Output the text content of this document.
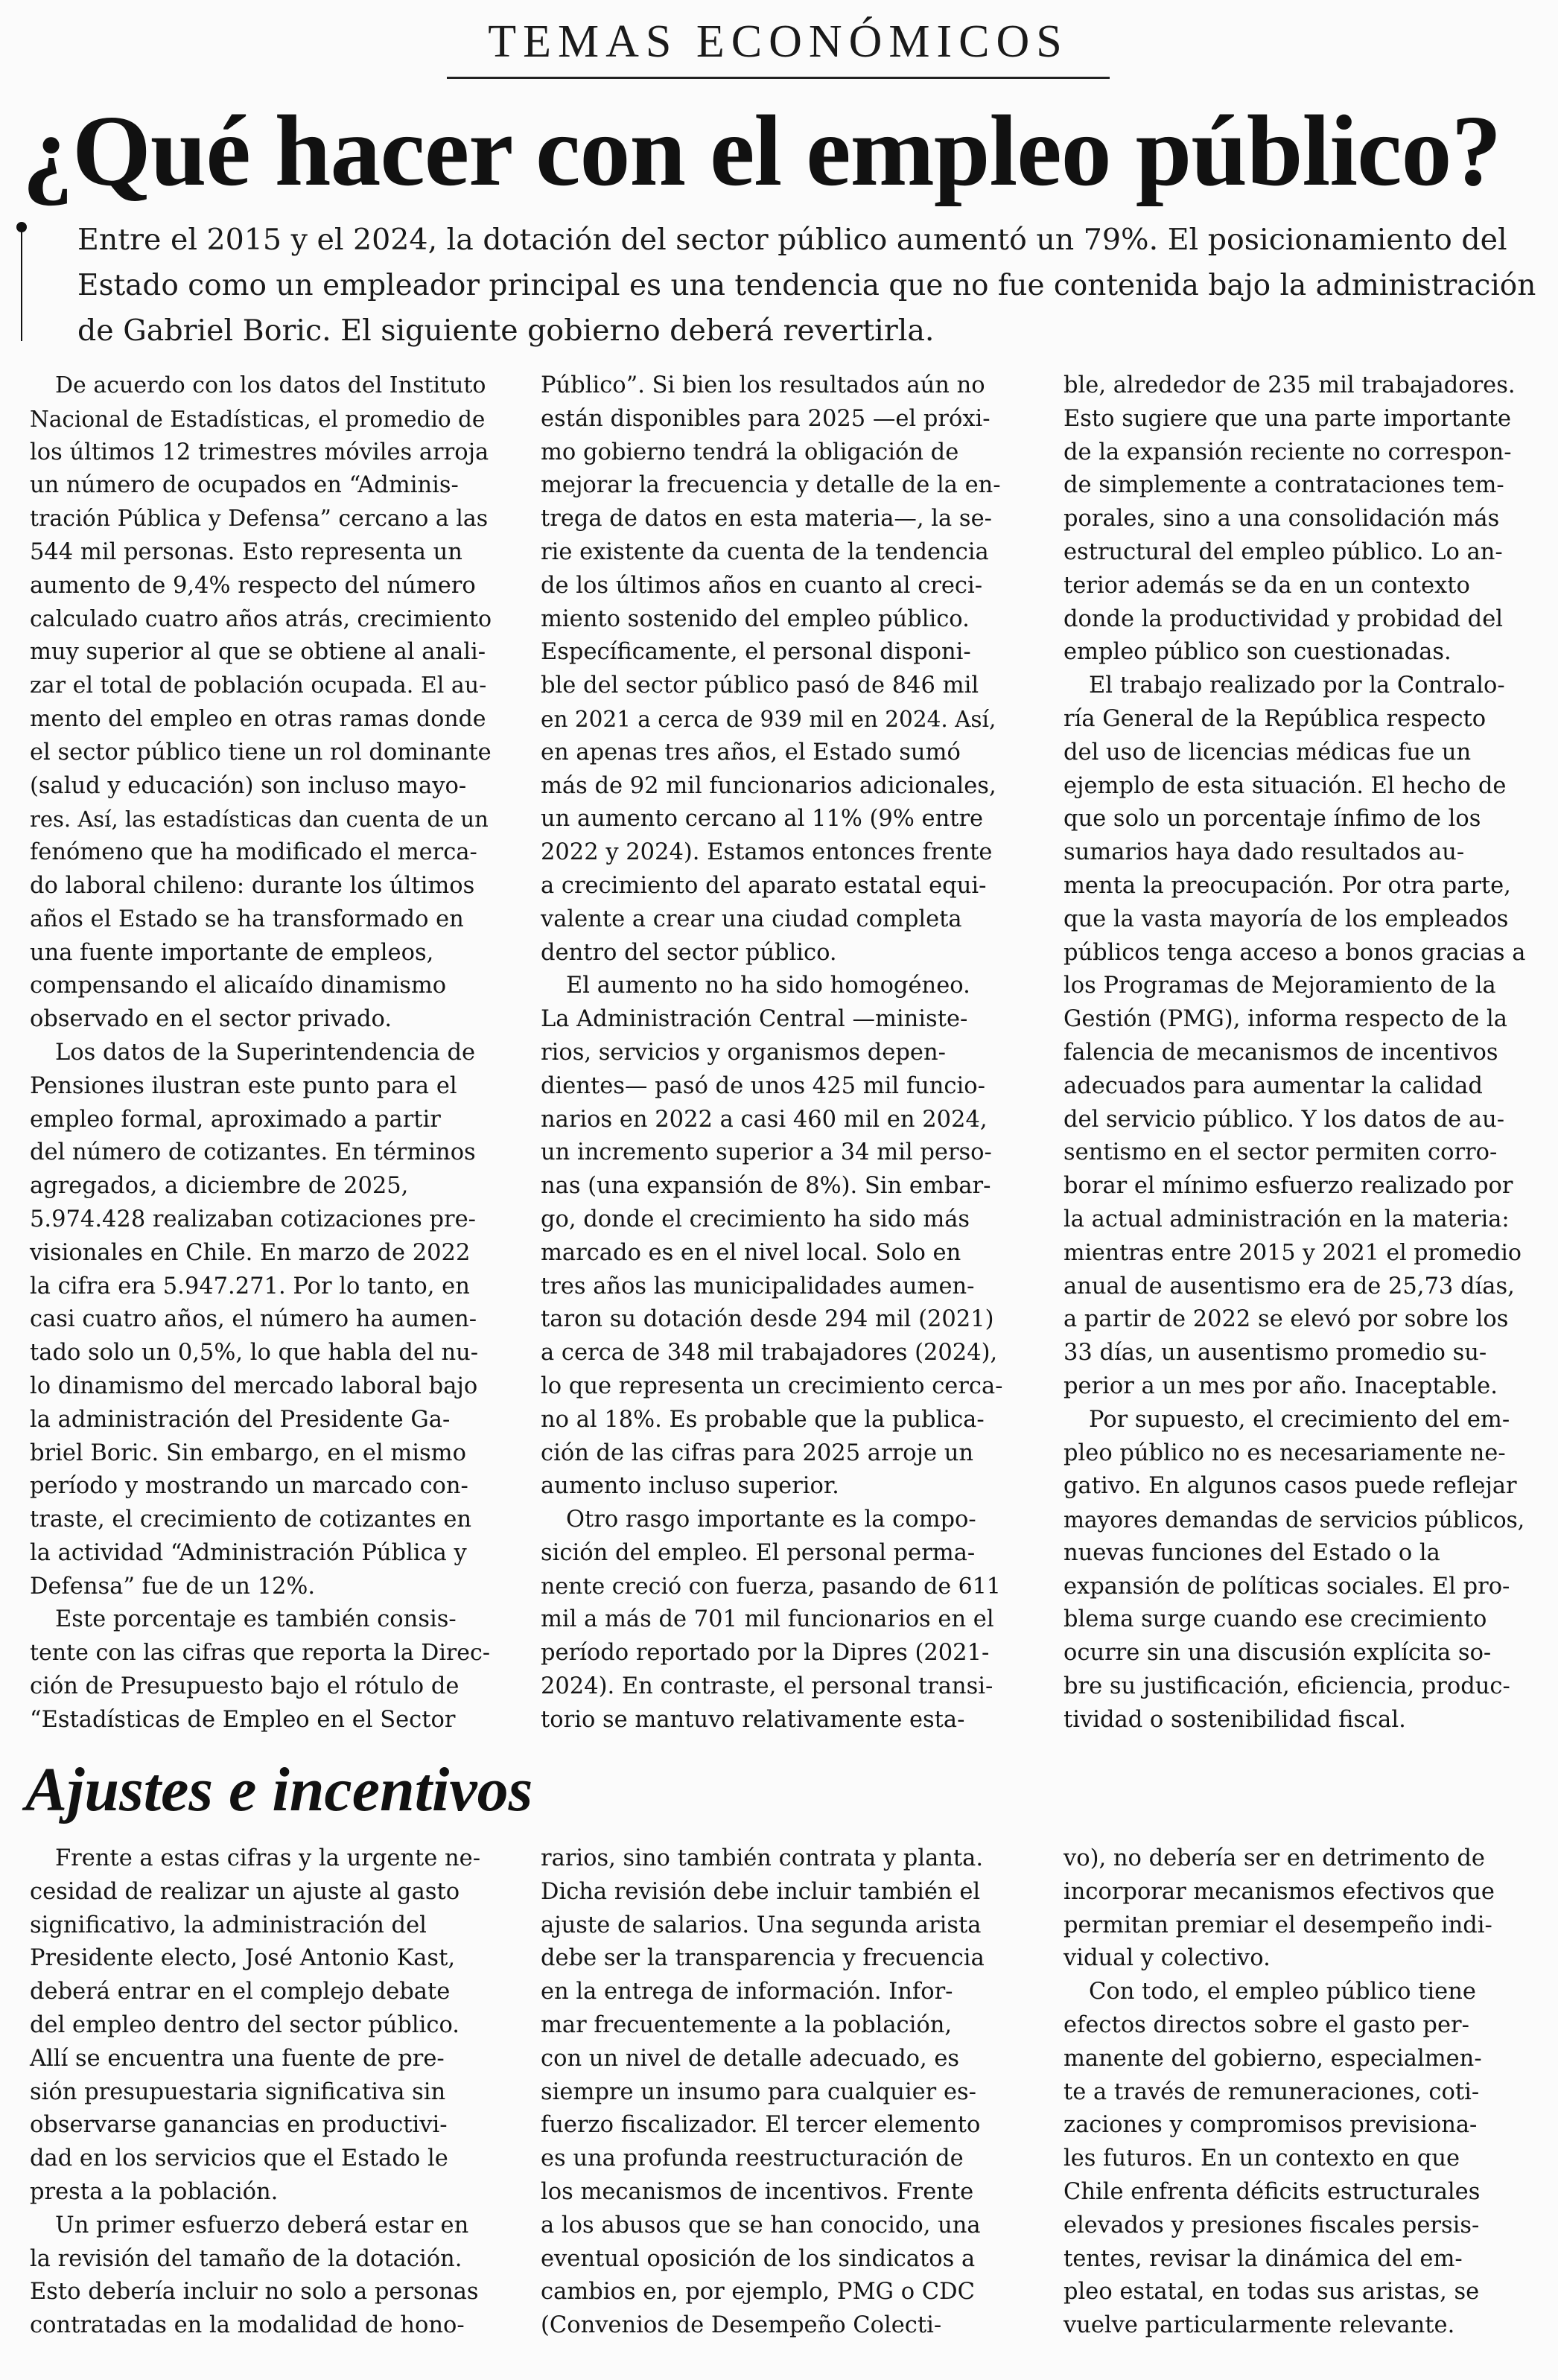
TEMAS ECONÓMICOS
¿Qué hacer con el empleo público?
Entre el 2015 y el 2024, la dotación del sector público aumentó un 79%. El posicionamiento del
Estado como un empleador principal es una tendencia que no fue contenida bajo la administración
de Gabriel Boric. El siguiente gobierno deberá revertirla.
De acuerdo con los datos del Instituto
Nacional de Estadísticas, el promedio de
los últimos 12 trimestres móviles arroja
un número de ocupados en “Adminis-
tración Pública y Defensa” cercano a las
544 mil personas. Esto representa un
aumento de 9,4% respecto del número
calculado cuatro años atrás, crecimiento
muy superior al que se obtiene al anali-
zar el total de población ocupada. El au-
mento del empleo en otras ramas donde
el sector público tiene un rol dominante
(salud y educación) son incluso mayo-
res. Así, las estadísticas dan cuenta de un
fenómeno que ha modificado el merca-
do laboral chileno: durante los últimos
años el Estado se ha transformado en
una fuente importante de empleos,
compensando el alicaído dinamismo
observado en el sector privado.
Los datos de la Superintendencia de
Pensiones ilustran este punto para el
empleo formal, aproximado a partir
del número de cotizantes. En términos
agregados, a diciembre de 2025,
5.974.428 realizaban cotizaciones pre-
visionales en Chile. En marzo de 2022
la cifra era 5.947.271. Por lo tanto, en
casi cuatro años, el número ha aumen-
tado solo un 0,5%, lo que habla del nu-
lo dinamismo del mercado laboral bajo
la administración del Presidente Ga-
briel Boric. Sin embargo, en el mismo
período y mostrando un marcado con-
traste, el crecimiento de cotizantes en
la actividad “Administración Pública y
Defensa” fue de un 12%.
Este porcentaje es también consis-
tente con las cifras que reporta la Direc-
ción de Presupuesto bajo el rótulo de
“Estadísticas de Empleo en el Sector
Público”. Si bien los resultados aún no
están disponibles para 2025 —el próxi-
mo gobierno tendrá la obligación de
mejorar la frecuencia y detalle de la en-
trega de datos en esta materia—, la se-
rie existente da cuenta de la tendencia
de los últimos años en cuanto al creci-
miento sostenido del empleo público.
Específicamente, el personal disponi-
ble del sector público pasó de 846 mil
en 2021 a cerca de 939 mil en 2024. Así,
en apenas tres años, el Estado sumó
más de 92 mil funcionarios adicionales,
un aumento cercano al 11% (9% entre
2022 y 2024). Estamos entonces frente
a crecimiento del aparato estatal equi-
valente a crear una ciudad completa
dentro del sector público.
El aumento no ha sido homogéneo.
La Administración Central —ministe-
rios, servicios y organismos depen-
dientes— pasó de unos 425 mil funcio-
narios en 2022 a casi 460 mil en 2024,
un incremento superior a 34 mil perso-
nas (una expansión de 8%). Sin embar-
go, donde el crecimiento ha sido más
marcado es en el nivel local. Solo en
tres años las municipalidades aumen-
taron su dotación desde 294 mil (2021)
a cerca de 348 mil trabajadores (2024),
lo que representa un crecimiento cerca-
no al 18%. Es probable que la publica-
ción de las cifras para 2025 arroje un
aumento incluso superior.
Otro rasgo importante es la compo-
sición del empleo. El personal perma-
nente creció con fuerza, pasando de 611
mil a más de 701 mil funcionarios en el
período reportado por la Dipres (2021-
2024). En contraste, el personal transi-
torio se mantuvo relativamente esta-
ble, alrededor de 235 mil trabajadores.
Esto sugiere que una parte importante
de la expansión reciente no correspon-
de simplemente a contrataciones tem-
porales, sino a una consolidación más
estructural del empleo público. Lo an-
terior además se da en un contexto
donde la productividad y probidad del
empleo público son cuestionadas.
El trabajo realizado por la Contralo-
ría General de la República respecto
del uso de licencias médicas fue un
ejemplo de esta situación. El hecho de
que solo un porcentaje ínfimo de los
sumarios haya dado resultados au-
menta la preocupación. Por otra parte,
que la vasta mayoría de los empleados
públicos tenga acceso a bonos gracias a
los Programas de Mejoramiento de la
Gestión (PMG), informa respecto de la
falencia de mecanismos de incentivos
adecuados para aumentar la calidad
del servicio público. Y los datos de au-
sentismo en el sector permiten corro-
borar el mínimo esfuerzo realizado por
la actual administración en la materia:
mientras entre 2015 y 2021 el promedio
anual de ausentismo era de 25,73 días,
a partir de 2022 se elevó por sobre los
33 días, un ausentismo promedio su-
perior a un mes por año. Inaceptable.
Por supuesto, el crecimiento del em-
pleo público no es necesariamente ne-
gativo. En algunos casos puede reflejar
mayores demandas de servicios públicos,
nuevas funciones del Estado o la
expansión de políticas sociales. El pro-
blema surge cuando ese crecimiento
ocurre sin una discusión explícita so-
bre su justificación, eficiencia, produc-
tividad o sostenibilidad fiscal.
Ajustes e incentivos
Frente a estas cifras y la urgente ne-
cesidad de realizar un ajuste al gasto
significativo, la administración del
Presidente electo, José Antonio Kast,
deberá entrar en el complejo debate
del empleo dentro del sector público.
Allí se encuentra una fuente de pre-
sión presupuestaria significativa sin
observarse ganancias en productivi-
dad en los servicios que el Estado le
presta a la población.
Un primer esfuerzo deberá estar en
la revisión del tamaño de la dotación.
Esto debería incluir no solo a personas
contratadas en la modalidad de hono-
rarios, sino también contrata y planta.
Dicha revisión debe incluir también el
ajuste de salarios. Una segunda arista
debe ser la transparencia y frecuencia
en la entrega de información. Infor-
mar frecuentemente a la población,
con un nivel de detalle adecuado, es
siempre un insumo para cualquier es-
fuerzo fiscalizador. El tercer elemento
es una profunda reestructuración de
los mecanismos de incentivos. Frente
a los abusos que se han conocido, una
eventual oposición de los sindicatos a
cambios en, por ejemplo, PMG o CDC
(Convenios de Desempeño Colecti-
vo), no debería ser en detrimento de
incorporar mecanismos efectivos que
permitan premiar el desempeño indi-
vidual y colectivo.
Con todo, el empleo público tiene
efectos directos sobre el gasto per-
manente del gobierno, especialmen-
te a través de remuneraciones, coti-
zaciones y compromisos previsiona-
les futuros. En un contexto en que
Chile enfrenta déficits estructurales
elevados y presiones fiscales persis-
tentes, revisar la dinámica del em-
pleo estatal, en todas sus aristas, se
vuelve particularmente relevante.
